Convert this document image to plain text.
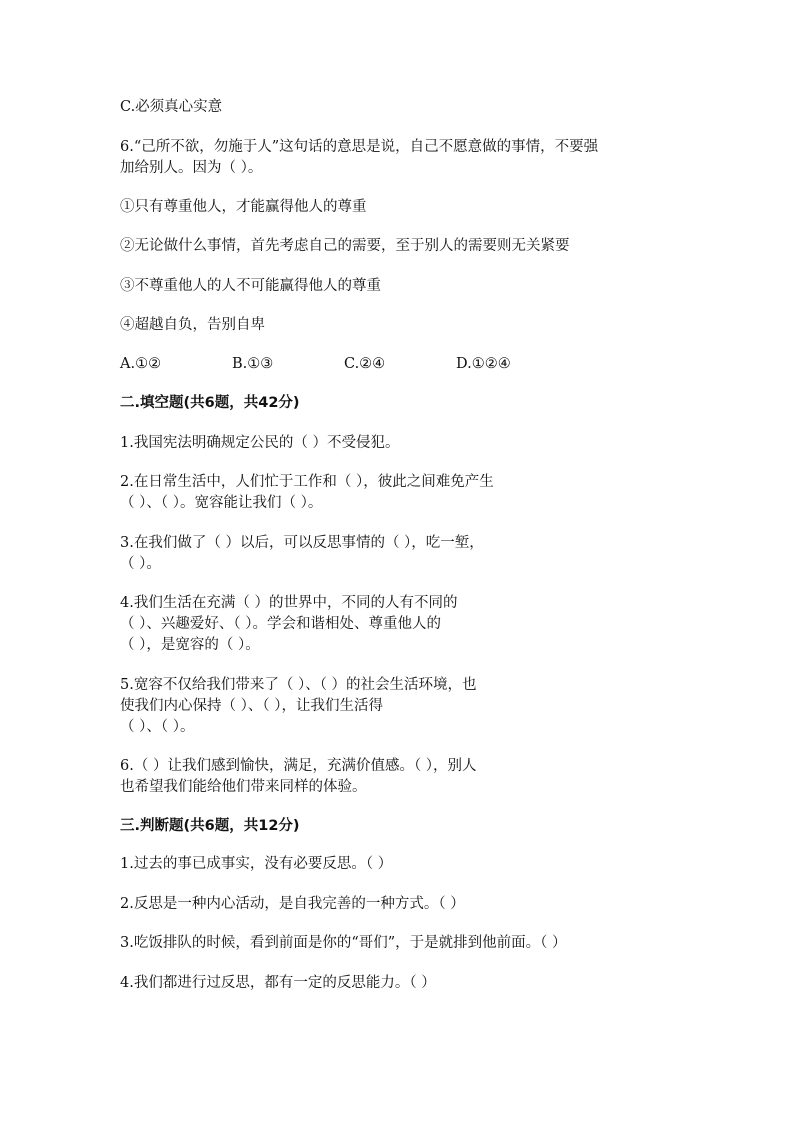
C.必须真心实意
6.“己所不欲，勿施于人”这句话的意思是说，自己不愿意做的事情，不要强
加给别人。因为（ ）。
①只有尊重他人，才能赢得他人的尊重
②无论做什么事情，首先考虑自己的需要，至于别人的需要则无关紧要
③不尊重他人的人不可能赢得他人的尊重
④超越自负，告别自卑
A.①②	B.①③	C.②④	D.①②④
二.填空题(共6题，共42分)
1.我国宪法明确规定公民的（ ）不受侵犯。
2.在日常生活中，人们忙于工作和（ ），彼此之间难免产生
（ ）、（ ）。宽容能让我们（ ）。
3.在我们做了（ ）以后，可以反思事情的（ ），吃一堑，
（ ）。
4.我们生活在充满（ ）的世界中，不同的人有不同的
（ ）、兴趣爱好、（ ）。学会和谐相处、尊重他人的
（ ），是宽容的（ ）。
5.宽容不仅给我们带来了（ ）、（ ）的社会生活环境，也
使我们内心保持（ ）、（ ），让我们生活得
（ ）、（ ）。
6.（ ）让我们感到愉快，满足，充满价值感。（ ），别人
也希望我们能给他们带来同样的体验。
三.判断题(共6题，共12分)
1.过去的事已成事实，没有必要反思。（ ）
2.反思是一种内心活动，是自我完善的一种方式。（ ）
3.吃饭排队的时候，看到前面是你的“哥们”，于是就排到他前面。（ ）
4.我们都进行过反思，都有一定的反思能力。（ ）
